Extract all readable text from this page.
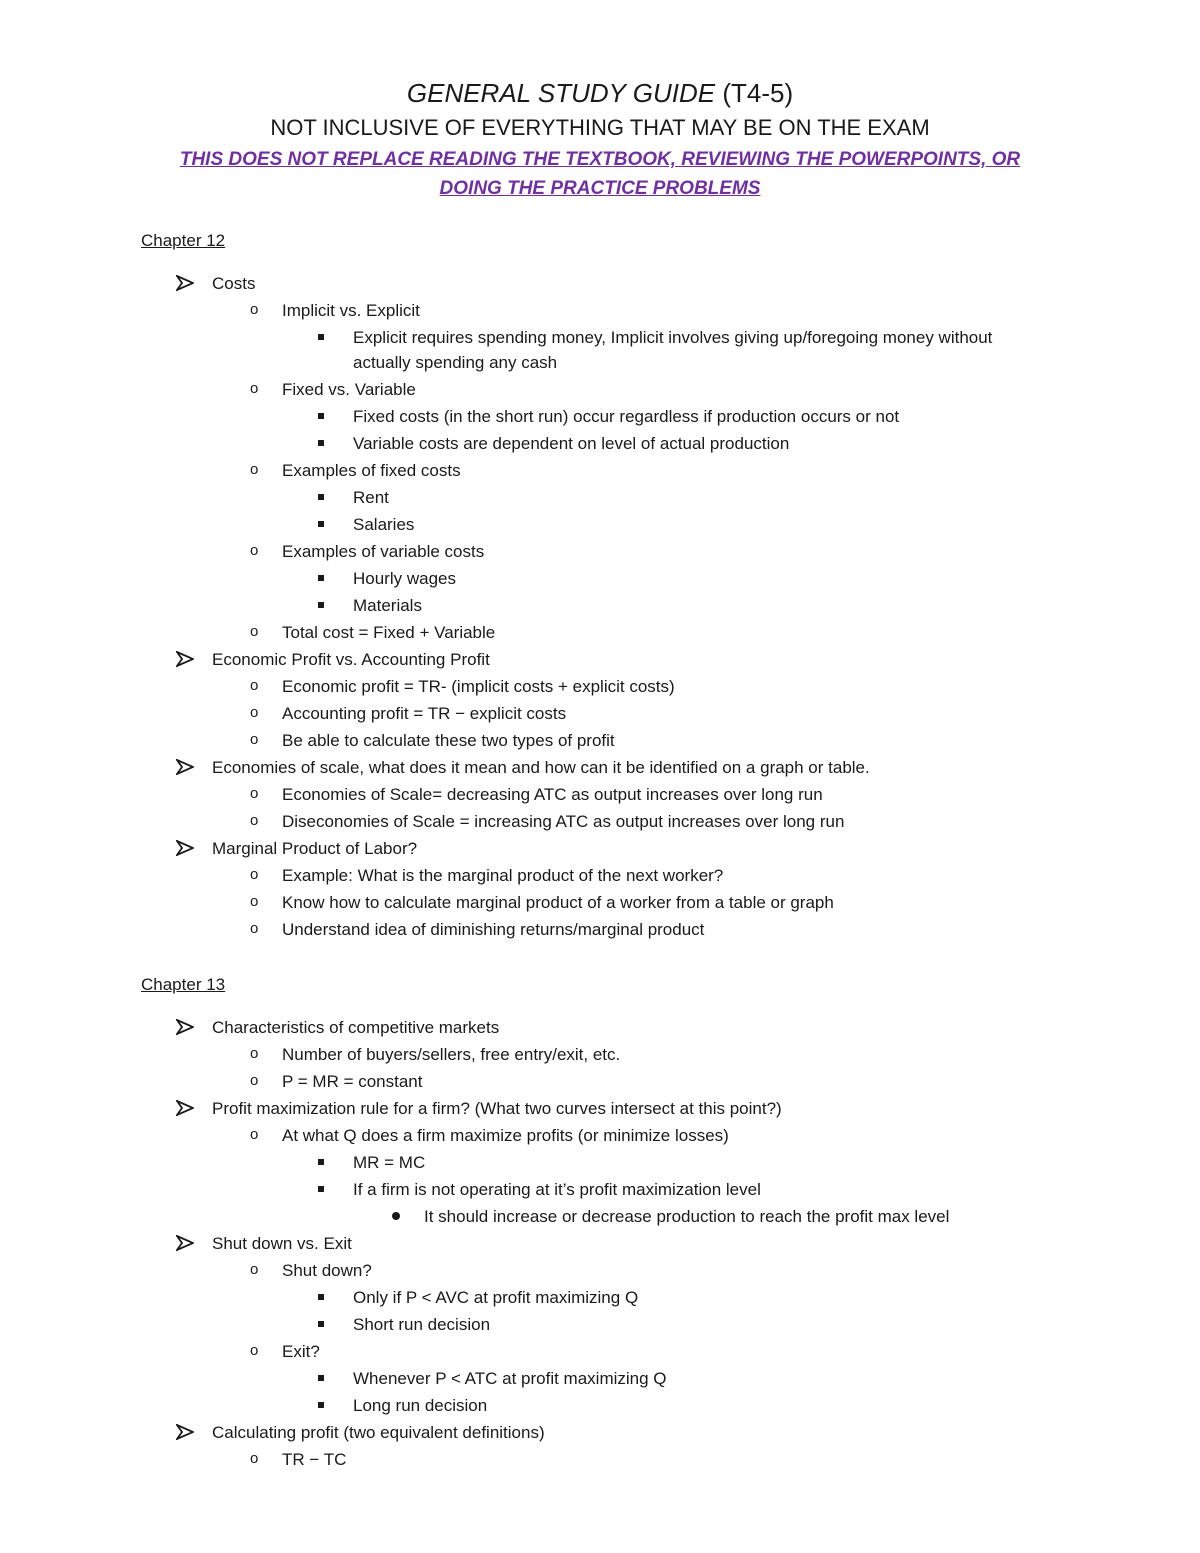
GENERAL STUDY GUIDE (T4-5)
NOT INCLUSIVE OF EVERYTHING THAT MAY BE ON THE EXAM
THIS DOES NOT REPLACE READING THE TEXTBOOK, REVIEWING THE POWERPOINTS, OR DOING THE PRACTICE PROBLEMS
Chapter 12
Costs
o Implicit vs. Explicit
Explicit requires spending money, Implicit involves giving up/foregoing money without actually spending any cash
o Fixed vs. Variable
Fixed costs (in the short run) occur regardless if production occurs or not
Variable costs are dependent on level of actual production
o Examples of fixed costs
Rent
Salaries
o Examples of variable costs
Hourly wages
Materials
o Total cost = Fixed + Variable
Economic Profit vs. Accounting Profit
o Economic profit = TR- (implicit costs + explicit costs)
o Accounting profit = TR − explicit costs
o Be able to calculate these two types of profit
Economies of scale, what does it mean and how can it be identified on a graph or table.
o Economies of Scale= decreasing ATC as output increases over long run
o Diseconomies of Scale = increasing ATC as output increases over long run
Marginal Product of Labor?
o Example: What is the marginal product of the next worker?
o Know how to calculate marginal product of a worker from a table or graph
o Understand idea of diminishing returns/marginal product
Chapter 13
Characteristics of competitive markets
o Number of buyers/sellers, free entry/exit, etc.
o P = MR = constant
Profit maximization rule for a firm? (What two curves intersect at this point?)
o At what Q does a firm maximize profits (or minimize losses)
MR = MC
If a firm is not operating at it’s profit maximization level
It should increase or decrease production to reach the profit max level
Shut down vs. Exit
o Shut down?
Only if P < AVC at profit maximizing Q
Short run decision
o Exit?
Whenever P < ATC at profit maximizing Q
Long run decision
Calculating profit (two equivalent definitions)
o TR − TC
